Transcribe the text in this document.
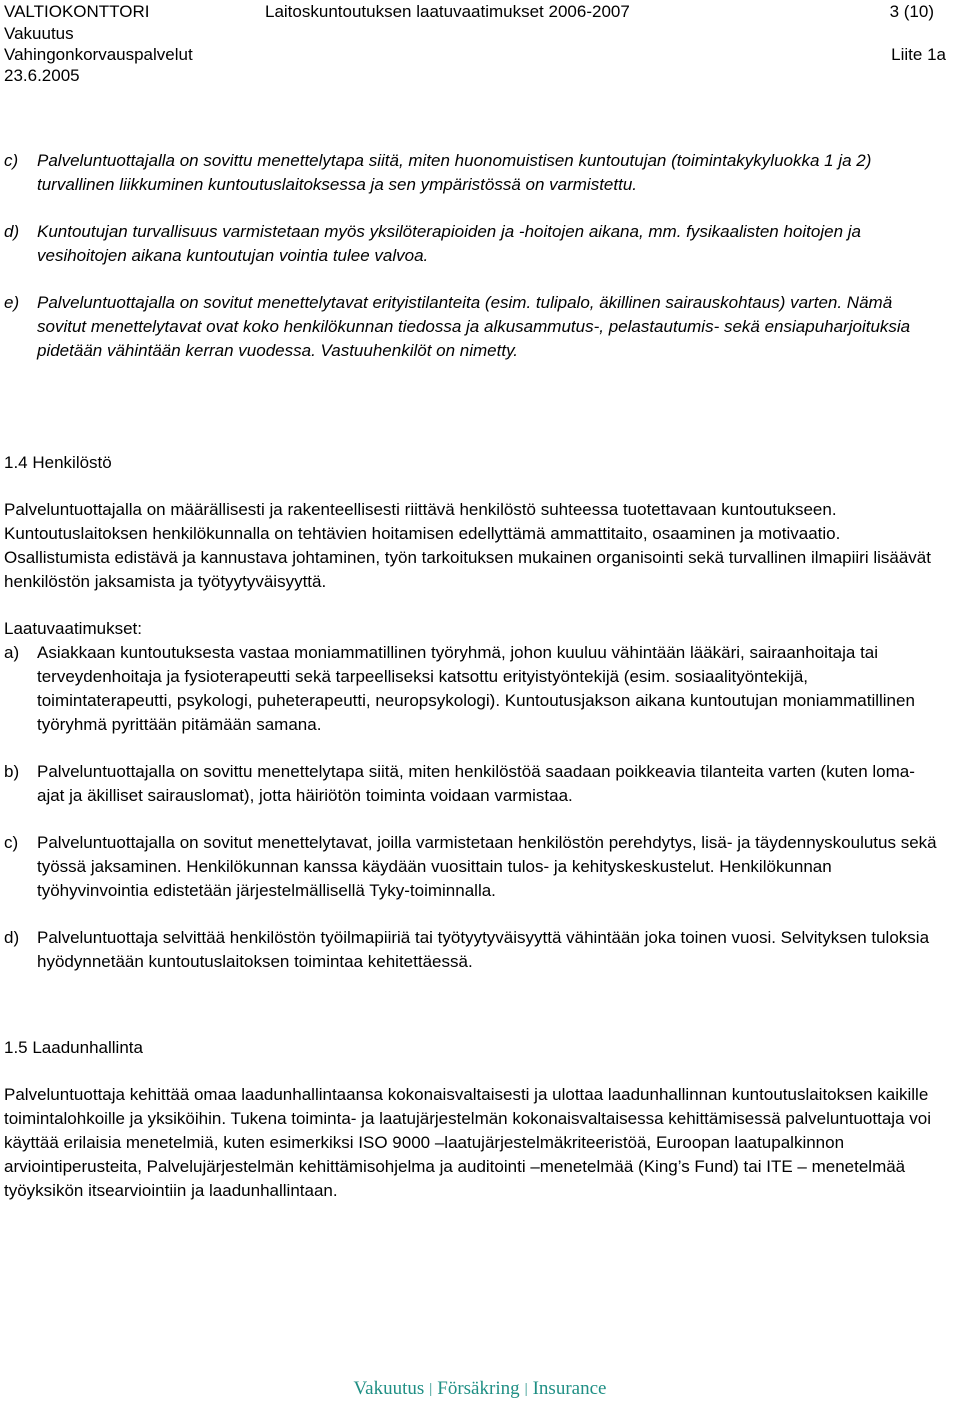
VALTIOKONTTORI
Vakuutus
Vahingonkorvauspalvelut
23.6.2005
Laitoskuntoutuksen laatuvaatimukset 2006-2007	3 (10)
Liite 1a
c) Palveluntuottajalla on sovittu menettelytapa siitä, miten huonomuistisen kuntoutujan (toimintakykyluokka 1 ja 2) turvallinen liikkuminen kuntoutuslaitoksessa ja sen ympäristössä on varmistettu.

d) Kuntoutujan turvallisuus varmistetaan myös yksilöterapioiden ja -hoitojen aikana, mm. fysikaalisten hoitojen ja vesihoitojen aikana kuntoutujan vointia tulee valvoa.

e) Palveluntuottajalla on sovitut menettelytavat erityistilanteita (esim. tulipalo, äkillinen sairauskohtaus) varten. Nämä sovitut menettelytavat ovat koko henkilökunnan tiedossa ja alkusammutus-, pelastautumis- sekä ensiapuharjoituksia pidetään vähintään kerran vuodessa. Vastuuhenkilöt on nimetty.

1.4 Henkilöstö

Palveluntuottajalla on määrällisesti ja rakenteellisesti riittävä henkilöstö suhteessa tuotettavaan kuntoutukseen. Kuntoutuslaitoksen henkilökunnalla on tehtävien hoitamisen edellyttämä ammattitaito, osaaminen ja motivaatio. Osallistumista edistävä ja kannustava johtaminen, työn tarkoituksen mukainen organisointi sekä turvallinen ilmapiiri lisäävät henkilöstön jaksamista ja työtyytyväisyyttä.

Laatuvaatimukset:

a) Asiakkaan kuntoutuksesta vastaa moniammatillinen työryhmä, johon kuuluu vähintään lääkäri, sairaanhoitaja tai terveydenhoitaja ja fysioterapeutti sekä tarpeelliseksi katsottu erityistyöntekijä (esim. sosiaalityöntekijä, toimintaterapeutti, psykologi, puheterapeutti, neuropsykologi). Kuntoutusjakson aikana kuntoutujan moniammatillinen työryhmä pyrittään pitämään samana.

b) Palveluntuottajalla on sovittu menettelytapa siitä, miten henkilöstöä saadaan poikkeavia tilanteita varten (kuten loma-ajat ja äkilliset sairauslomat), jotta häiriötön toiminta voidaan varmistaa.

c) Palveluntuottajalla on sovitut menettelytavat, joilla varmistetaan henkilöstön perehdytys, lisä- ja täydennyskoulutus sekä työssä jaksaminen. Henkilökunnan kanssa käydään vuosittain tulos- ja kehityskeskustelut. Henkilökunnan työhyvinvointia edistetään järjestelmällisellä Tyky-toiminnalla.

d) Palveluntuottaja selvittää henkilöstön työilmapiiriä tai työtyytyväisyyttä vähintään joka toinen vuosi. Selvityksen tuloksia hyödynnetään kuntoutuslaitoksen toimintaa kehitettäessä.

1.5 Laadunhallinta

Palveluntuottaja kehittää omaa laadunhallintaansa kokonaisvaltaisesti ja ulottaa laadunhallinnan kuntoutuslaitoksen kaikille toimintalohkoille ja yksiköihin. Tukena toiminta- ja laatujärjestelmän kokonaisvaltaisessa kehittämisessä palveluntuottaja voi käyttää erilaisia menetelmiä, kuten esimerkiksi ISO 9000 –laatujärjestelmäkriteeristöä, Euroopan laatupalkinnon arviointiperusteita, Palvelujärjestelmän kehittämisohjelma ja auditointi –menetelmää (King’s Fund) tai ITE – menetelmää työyksikön itsearviointiin ja laadunhallintaan.

Vakuutus | Försäkring | Insurance
